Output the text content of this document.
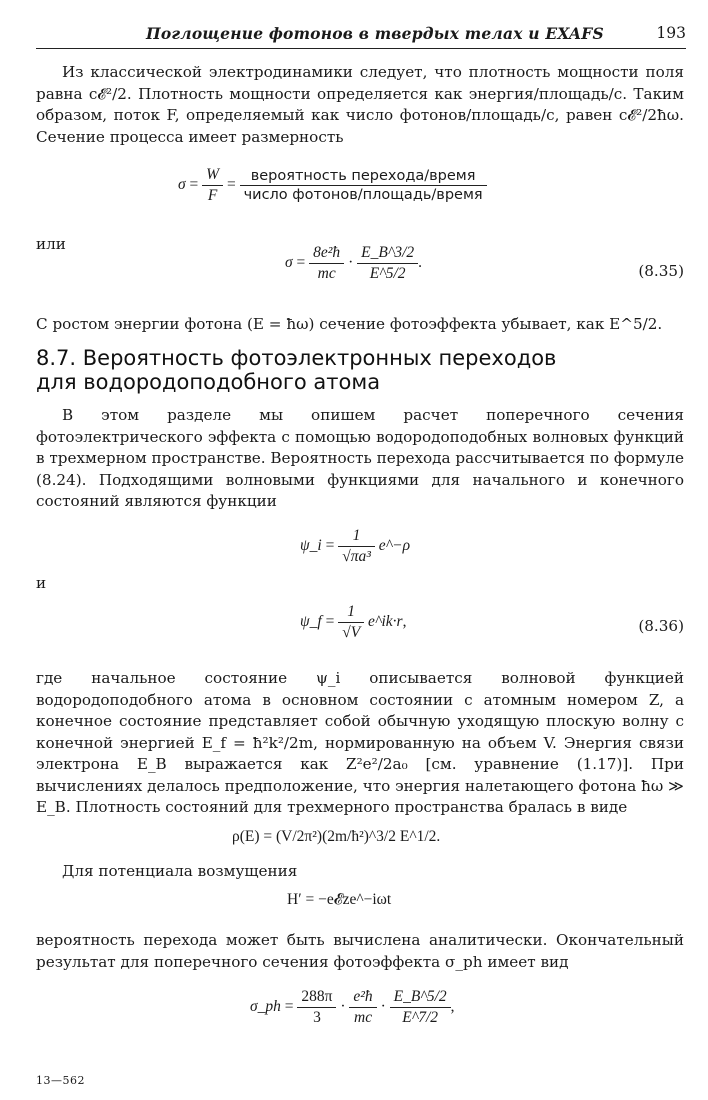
Поглощение фотонов в твердых телах и EXAFS	193
Из классической электродинамики следует, что плотность мощности поля равна c𝓔²/2. Плотность мощности определяется как энергия/площадь/с. Таким образом, поток F, определяемый как число фотонов/площадь/с, равен c𝓔²/2ħω. Сечение процесса имеет размерность
$\sigma = \frac{W}{F} = \frac{\text{вероятность перехода/время}}{\text{число фотонов/площадь/время}}$
или
$\sigma = \frac{\text{8e²ħ}}{mc} \cdot \frac{E\_B\^{}3/2}{E\^{}5/2}$ .	(8.35)
С ростом энергии фотона (E = ħω) сечение фотоэффекта убывает, как E^5/2.
8.7. Вероятность фотоэлектронных переходов
для водородоподобного атома
В этом разделе мы опишем расчет поперечного сечения фотоэлектрического эффекта с помощью водородоподобных волновых функций в трехмерном пространстве. Вероятность перехода рассчитывается по формуле (8.24). Подходящими волновыми функциями для начального и конечного состояний являются функции
ψ_i = $\frac{1}{\text{√πa³}}$ e^−ρ
и
ψ_f = $\frac{1}{√V}$ e^ik·r,	(8.36)
где начальное состояние ψ_i описывается волновой функцией водородоподобного атома в основном состоянии с атомным номером Z, а конечное состояние представляет собой обычную уходящую плоскую волну с конечной энергией E_f = ħ²k²/2m, нормированную на объем V. Энергия связи электрона E_B выражается как Z²e²/2a₀ [см. уравнение (1.17)]. При вычислениях делалось предположение, что энергия налетающего фотона ħω ≫ E_B. Плотность состояний для трехмерного пространства бралась в виде
ρ(E) = (V/2π²)(2m/ħ²)^3/2 E^1/2.
Для потенциала возмущения
H′ = −e𝓔ze^−iωt
вероятность перехода может быть вычислена аналитически. Окончательный результат для поперечного сечения фотоэффекта σ_ph имеет вид
σ_ph = $\frac{288\pi}{3} \cdot \frac{\text{e²ħ}}{mc} \cdot \frac{E\_B\^{}5/2}{E\^{}7/2}$ ,
13—562
